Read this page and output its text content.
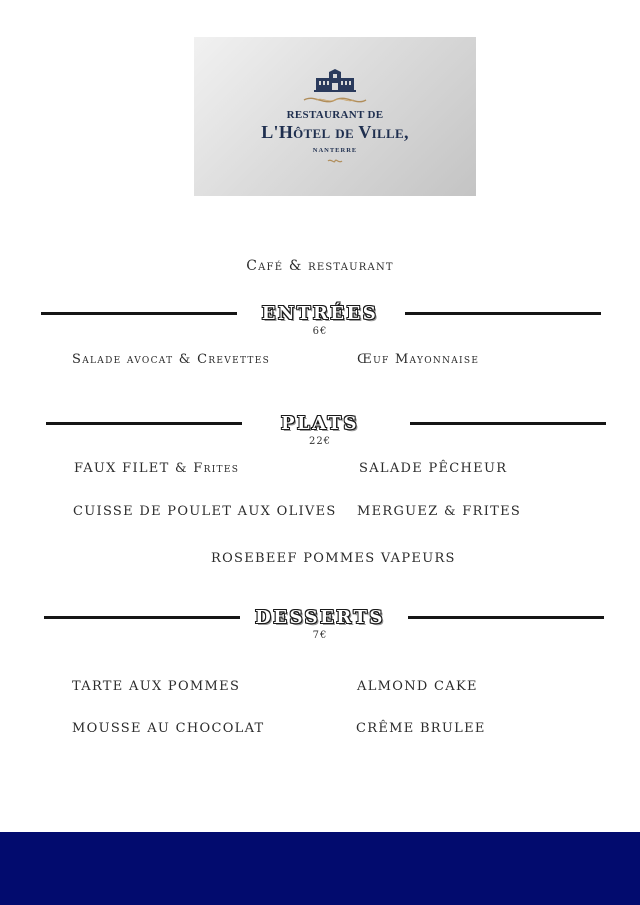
RESTAURANT DE
L'Hôtel de Ville,
NANTERRE
Café & restaurant
ENTRÉES
6€
Salade avocat & Crevettes	Œuf Mayonnaise
PLATS
22€
FAUX FILET & Frites	SALADE PÊCHEUR
CUISSE DE POULET AUX OLIVES MERGUEZ & FRITES
ROSEBEEF POMMES VAPEURS
DESSERTS
7€
TARTE AUX POMMES	ALMOND CAKE
MOUSSE AU CHOCOLAT	CRÊME BRULEE
